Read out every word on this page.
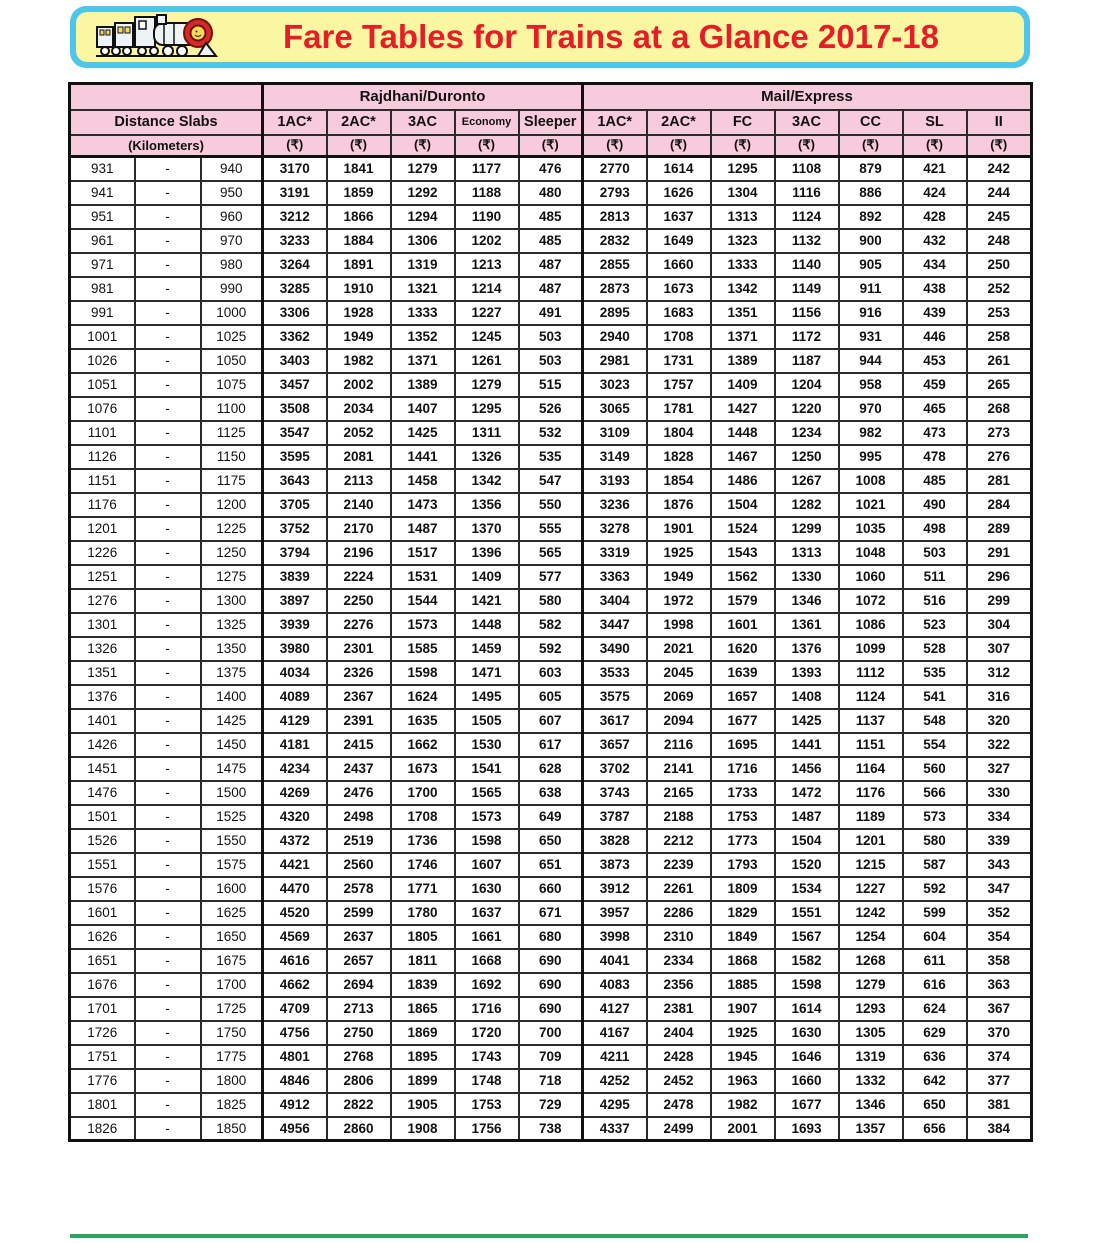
Fare Tables for Trains at a Glance 2017-18
			Rajdhani/Duronto					Mail/Express						
Distance Slabs			1AC*	2AC*	3AC	Economy	Sleeper	1AC*	2AC*	FC	3AC	CC	SL	II
(Kilometers)			(₹)	(₹)	(₹)	(₹)	(₹)	(₹)	(₹)	(₹)	(₹)	(₹)	(₹)	(₹)
931	-	940	3170	1841	1279	1177	476	2770	1614	1295	1108	879	421	242
941	-	950	3191	1859	1292	1188	480	2793	1626	1304	1116	886	424	244
951	-	960	3212	1866	1294	1190	485	2813	1637	1313	1124	892	428	245
961	-	970	3233	1884	1306	1202	485	2832	1649	1323	1132	900	432	248
971	-	980	3264	1891	1319	1213	487	2855	1660	1333	1140	905	434	250
981	-	990	3285	1910	1321	1214	487	2873	1673	1342	1149	911	438	252
991	-	1000	3306	1928	1333	1227	491	2895	1683	1351	1156	916	439	253
1001	-	1025	3362	1949	1352	1245	503	2940	1708	1371	1172	931	446	258
1026	-	1050	3403	1982	1371	1261	503	2981	1731	1389	1187	944	453	261
1051	-	1075	3457	2002	1389	1279	515	3023	1757	1409	1204	958	459	265
1076	-	1100	3508	2034	1407	1295	526	3065	1781	1427	1220	970	465	268
1101	-	1125	3547	2052	1425	1311	532	3109	1804	1448	1234	982	473	273
1126	-	1150	3595	2081	1441	1326	535	3149	1828	1467	1250	995	478	276
1151	-	1175	3643	2113	1458	1342	547	3193	1854	1486	1267	1008	485	281
1176	-	1200	3705	2140	1473	1356	550	3236	1876	1504	1282	1021	490	284
1201	-	1225	3752	2170	1487	1370	555	3278	1901	1524	1299	1035	498	289
1226	-	1250	3794	2196	1517	1396	565	3319	1925	1543	1313	1048	503	291
1251	-	1275	3839	2224	1531	1409	577	3363	1949	1562	1330	1060	511	296
1276	-	1300	3897	2250	1544	1421	580	3404	1972	1579	1346	1072	516	299
1301	-	1325	3939	2276	1573	1448	582	3447	1998	1601	1361	1086	523	304
1326	-	1350	3980	2301	1585	1459	592	3490	2021	1620	1376	1099	528	307
1351	-	1375	4034	2326	1598	1471	603	3533	2045	1639	1393	1112	535	312
1376	-	1400	4089	2367	1624	1495	605	3575	2069	1657	1408	1124	541	316
1401	-	1425	4129	2391	1635	1505	607	3617	2094	1677	1425	1137	548	320
1426	-	1450	4181	2415	1662	1530	617	3657	2116	1695	1441	1151	554	322
1451	-	1475	4234	2437	1673	1541	628	3702	2141	1716	1456	1164	560	327
1476	-	1500	4269	2476	1700	1565	638	3743	2165	1733	1472	1176	566	330
1501	-	1525	4320	2498	1708	1573	649	3787	2188	1753	1487	1189	573	334
1526	-	1550	4372	2519	1736	1598	650	3828	2212	1773	1504	1201	580	339
1551	-	1575	4421	2560	1746	1607	651	3873	2239	1793	1520	1215	587	343
1576	-	1600	4470	2578	1771	1630	660	3912	2261	1809	1534	1227	592	347
1601	-	1625	4520	2599	1780	1637	671	3957	2286	1829	1551	1242	599	352
1626	-	1650	4569	2637	1805	1661	680	3998	2310	1849	1567	1254	604	354
1651	-	1675	4616	2657	1811	1668	690	4041	2334	1868	1582	1268	611	358
1676	-	1700	4662	2694	1839	1692	690	4083	2356	1885	1598	1279	616	363
1701	-	1725	4709	2713	1865	1716	690	4127	2381	1907	1614	1293	624	367
1726	-	1750	4756	2750	1869	1720	700	4167	2404	1925	1630	1305	629	370
1751	-	1775	4801	2768	1895	1743	709	4211	2428	1945	1646	1319	636	374
1776	-	1800	4846	2806	1899	1748	718	4252	2452	1963	1660	1332	642	377
1801	-	1825	4912	2822	1905	1753	729	4295	2478	1982	1677	1346	650	381
1826	-	1850	4956	2860	1908	1756	738	4337	2499	2001	1693	1357	656	384
